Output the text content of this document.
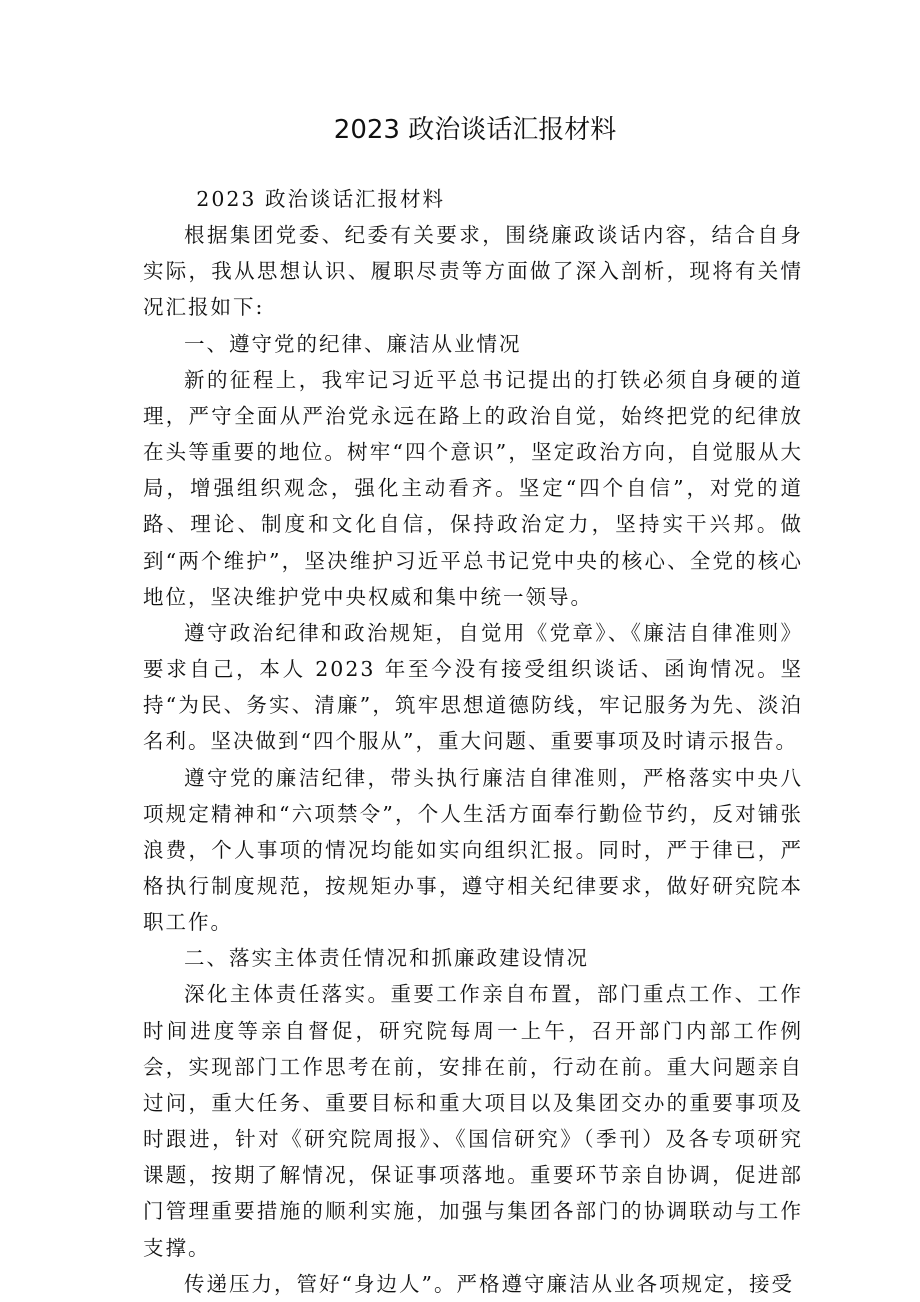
2023 政治谈话汇报材料

2023 政治谈话汇报材料

根据集团党委、纪委有关要求，围绕廉政谈话内容，结合自身实际，我从思想认识、履职尽责等方面做了深入剖析，现将有关情况汇报如下:

一、遵守党的纪律、廉洁从业情况

新的征程上，我牢记习近平总书记提出的打铁必须自身硬的道理，严守全面从严治党永远在路上的政治自觉，始终把党的纪律放在头等重要的地位。树牢“四个意识”，坚定政治方向，自觉服从大局，增强组织观念，强化主动看齐。坚定“四个自信”，对党的道路、理论、制度和文化自信，保持政治定力，坚持实干兴邦。做到“两个维护”，坚决维护习近平总书记党中央的核心、全党的核心地位，坚决维护党中央权威和集中统一领导。

遵守政治纪律和政治规矩，自觉用《党章》、《廉洁自律准则》要求自己，本人 2023 年至今没有接受组织谈话、函询情况。坚持“为民、务实、清廉”，筑牢思想道德防线，牢记服务为先、淡泊名利。坚决做到“四个服从”，重大问题、重要事项及时请示报告。

遵守党的廉洁纪律，带头执行廉洁自律准则，严格落实中央八项规定精神和“六项禁令”，个人生活方面奉行勤俭节约，反对铺张浪费，个人事项的情况均能如实向组织汇报。同时，严于律已，严格执行制度规范，按规矩办事，遵守相关纪律要求，做好研究院本职工作。

二、落实主体责任情况和抓廉政建设情况

深化主体责任落实。重要工作亲自布置，部门重点工作、工作时间进度等亲自督促，研究院每周一上午，召开部门内部工作例会，实现部门工作思考在前，安排在前，行动在前。重大问题亲自过问，重大任务、重要目标和重大项目以及集团交办的重要事项及时跟进，针对《研究院周报》、《国信研究》（季刊）及各专项研究课题，按期了解情况，保证事项落地。重要环节亲自协调，促进部门管理重要措施的顺利实施，加强与集团各部门的协调联动与工作支撑。

传递压力，管好“身边人”。严格遵守廉洁从业各项规定，接受
